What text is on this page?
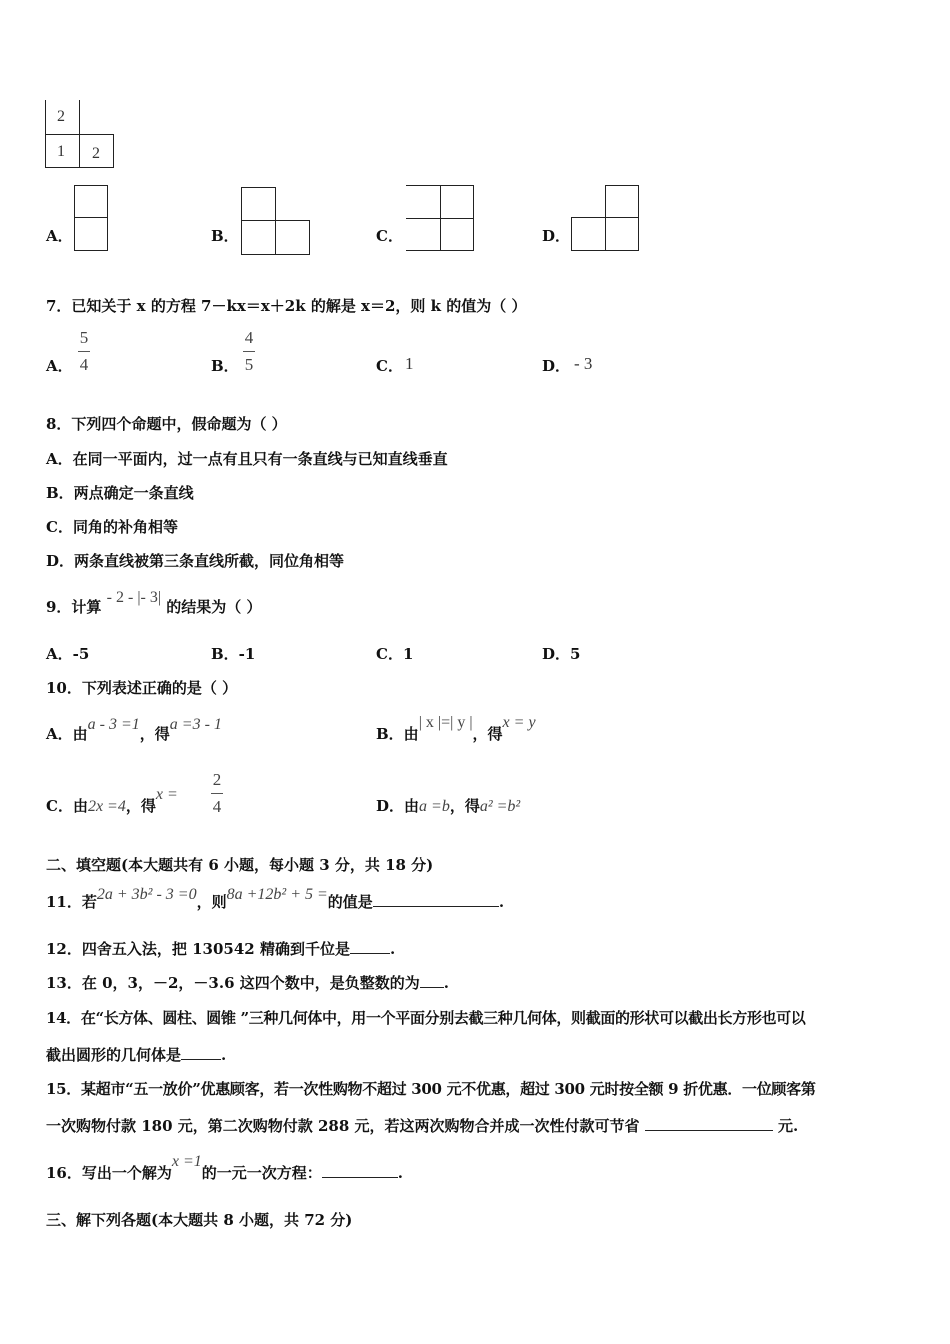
2
1 2
A．	B．	C．	D．
7．已知关于 x 的方程 7－kx＝x＋2k 的解是 x＝2，则 k 的值为（ ）
A．
5
4	B．
4
5	C． 1	D． - 3
8．下列四个命题中，假命题为（ ）
A．在同一平面内，过一点有且只有一条直线与已知直线垂直
B．两点确定一条直线
C．同角的补角相等
D．两条直线被第三条直线所截，同位角相等
9．计算 - 2 - |- 3| 的结果为（ ）
A．-5	B．-1	C．1	D．5
10．下列表述正确的是（ ）
A．由a - 3 =1，得a =3 - 1
B．由| x |=| y |，得x = y
C．由2x =4，得x =
2
4	D．由a =b，得a² =b²
二、填空题(本大题共有 6 小题，每小题 3 分，共 18 分)
11．若2a + 3b² - 3 =0，则8a +12b² + 5 =的值是	.
12．四舍五入法，把 130542 精确到千位是	.
13．在 0，3，－2，－3.6 这四个数中，是负整数的为 .
14．在“长方体、圆柱、圆锥 ”三种几何体中，用一个平面分别去截三种几何体，则截面的形状可以截出长方形也可以
截出圆形的几何体是	.
15．某超市“五一放价”优惠顾客，若一次性购物不超过 300 元不优惠，超过 300 元时按全额 9 折优惠．一位顾客第
一次购物付款 180 元，第二次购物付款 288 元，若这两次购物合并成一次性付款可节省	元.
16．写出一个解为x =1的一元一次方程：	.
三、解下列各题(本大题共 8 小题，共 72 分)
